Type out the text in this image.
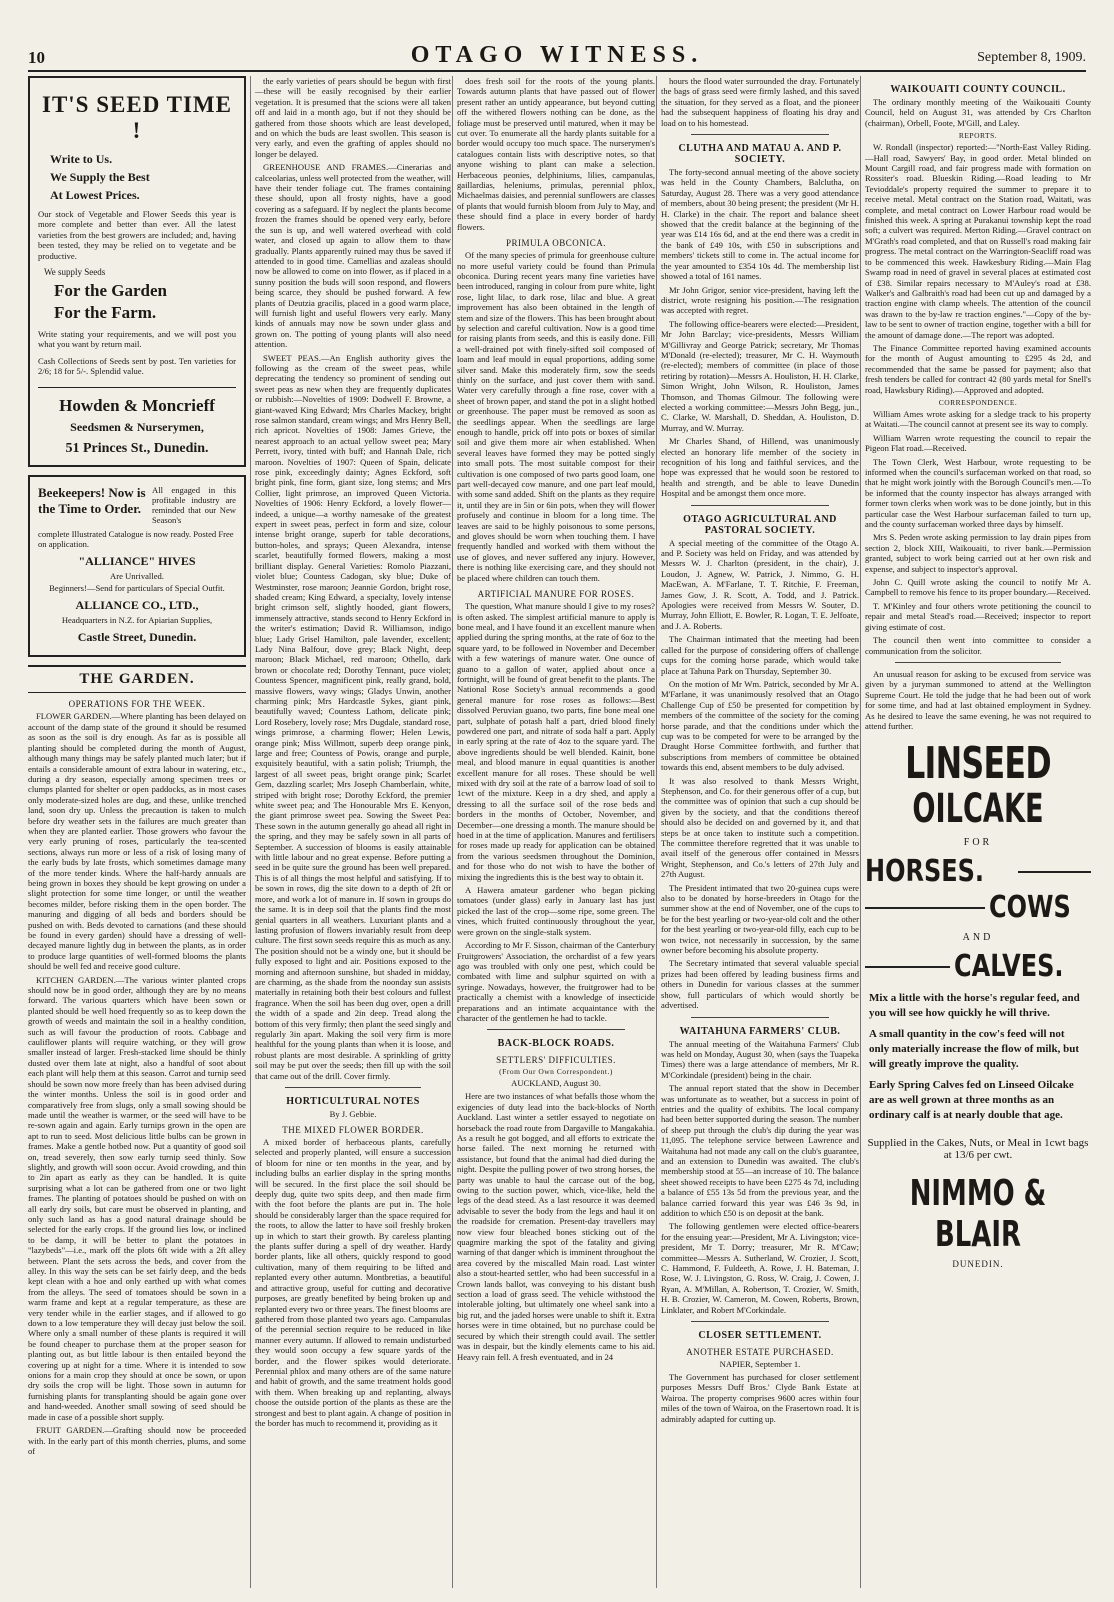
10	OTAGO WITNESS.	September 8, 1909.
IT'S SEED TIME !
Write to Us.
We Supply the Best
At Lowest Prices.
Our stock of Vegetable and Flower Seeds this year is more complete and better than ever. All the latest varieties from the best growers are included; and, having been tested, they may be relied on to vegetate and be productive.
We supply Seeds
For the Garden
For the Farm.
Write stating your requirements, and we will post you what you want by return mail.
Cash Collections of Seeds sent by post. Ten varieties for 2/6; 18 for 5/-. Splendid value.
Howden & Moncrieff
Seedsmen & Nurserymen,
51 Princes St., Dunedin.
Beekeepers! Now is the Time to Order.
All engaged in this profitable industry are reminded that our New Season's
complete Illustrated Catalogue is now ready. Posted Free on application.
"ALLIANCE" HIVES
Are Unrivalled.
Beginners!—Send for particulars of Special Outfit.
ALLIANCE CO., LTD.,
Headquarters in N.Z. for Apiarian Supplies,
Castle Street, Dunedin.
THE GARDEN.
OPERATIONS FOR THE WEEK.

FLOWER GARDEN.—Where planting has been delayed on account of the damp state of the ground it should be resumed as soon as the soil is dry enough. As far as is possible all planting should be completed during the month of August, although many things may be safely planted much later; but if entails a considerable amount of extra labour in watering, etc., during a dry season, especially among specimen trees or clumps planted for shelter or open paddocks, as in most cases only moderate-sized holes are dug, and these, unlike trenched land, soon dry up. Unless the precaution is taken to mulch before dry weather sets in the failures are much greater than when they are planted earlier. Those growers who favour the very early pruning of roses, particularly the tea-scented sections, always run more or less of a risk of losing many of the early buds by late frosts, which sometimes damage many of the more tender kinds. Where the half-hardy annuals are being grown in boxes they should be kept growing on under a slight protection for some time longer, or until the weather becomes milder, before risking them in the open border. The manuring and digging of all beds and borders should be pushed on with. Beds devoted to carnations (and these should be found in every garden) should have a dressing of well-decayed manure lightly dug in between the plants, as in order to produce large quantities of well-formed blooms the plants should be well fed and receive good culture.

KITCHEN GARDEN.—The various winter planted crops should now be in good order, although they are by no means forward. The various quarters which have been sown or planted should be well hoed frequently so as to keep down the growth of weeds and maintain the soil in a healthy condition, such as will favour the production of roots. Cabbage and cauliflower plants will require watching, or they will grow smaller instead of larger. Fresh-stacked lime should be thinly dusted over them late at night, also a handful of soot about each plant will help them at this season. Carrot and turnip seed should be sown now more freely than has been advised during the winter months. Unless the soil is in good order and comparatively free from slugs, only a small sowing should be made until the weather is warmer, or the seed will have to be re-sown again and again. Early turnips grown in the open are apt to run to seed. Most delicious little bulbs can be grown in frames. Make a gentle hotbed now. Put a quantity of good soil on, tread severely, then sow early turnip seed thinly. Sow slightly, and growth will soon occur. Avoid crowding, and thin to 2in apart as early as they can be handled. It is quite surprising what a lot can be gathered from one or two light frames. The planting of potatoes should be pushed on with on all early dry soils, but care must be observed in planting, and only such land as has a good natural drainage should be selected for the early crops. If the ground lies low, or inclined to be damp, it will be better to plant the potatoes in "lazybeds"—i.e., mark off the plots 6ft wide with a 2ft alley between. Plant the sets across the beds, and cover from the alley. In this way the sets can be set fairly deep, and the beds kept clean with a hoe and only earthed up with what comes from the alleys. The seed of tomatoes should be sown in a warm frame and kept at a regular temperature, as these are very tender while in the earlier stages, and if allowed to go down to a low temperature they will decay just below the soil. Where only a small number of these plants is required it will be found cheaper to purchase them at the proper season for planting out, as but little labour is then entailed beyond the covering up at night for a time. Where it is intended to sow onions for a main crop they should at once be sown, or upon dry soils the crop will be light. Those sown in autumn for furnishing plants for transplanting should be again gone over and hand-weeded. Another small sowing of seed should be made in case of a possible short supply.

FRUIT GARDEN.—Grafting should now be proceeded with. In the early part of this month cherries, plums, and some of

the early varieties of pears should be begun with first—these will be easily recognised by their earlier vegetation. It is presumed that the scions were all taken off and laid in a month ago, but if not they should be gathered from those shoots which are least developed, and on which the buds are least swollen. This season is very early, and even the grafting of apples should no longer be delayed.

GREENHOUSE AND FRAMES.—Cinerarias and calceolarias, unless well protected from the weather, will have their tender foliage cut. The frames containing these should, upon all frosty nights, have a good covering as a safeguard. If by neglect the plants become frozen the frames should be opened very early, before the sun is up, and well watered overhead with cold water, and closed up again to allow them to thaw gradually. Plants apparently ruined may thus be saved if attended to in good time. Camellias and azaleas should now be allowed to come on into flower, as if placed in a sunny position the buds will soon respond, and flowers being scarce, they should be pushed forward. A few plants of Deutzia gracilis, placed in a good warm place, will furnish light and useful flowers very early. Many kinds of annuals may now be sown under glass and grown on. The potting of young plants will also need attention.

SWEET PEAS.—An English authority gives the following as the cream of the sweet peas, while deprecating the tendency so prominent of sending out sweet peas as new when they are frequently duplicates or rubbish:—Novelties of 1909: Dodwell F. Browne, a giant-waved King Edward; Mrs Charles Mackey, bright rose salmon standard, cream wings; and Mrs Henry Bell, rich apricot. Novelties of 1908: James Grieve, the nearest approach to an actual yellow sweet pea; Mary Perrett, ivory, tinted with buff; and Hannah Dale, rich maroon. Novelties of 1907: Queen of Spain, delicate rose pink, exceedingly dainty; Agnes Eckford, soft bright pink, fine form, giant size, long stems; and Mrs Collier, light primrose, an improved Queen Victoria. Novelties of 1906: Henry Eckford, a lovely flower—indeed, a unique—a worthy namesake of the greatest expert in sweet peas, perfect in form and size, colour intense bright orange, superb for table decorations, button-holes, and sprays; Queen Alexandra, intense scarlet, beautifully formed flowers, making a most brilliant display. General Varieties: Romolo Piazzani, violet blue; Countess Cadogan, sky blue; Duke of Westminster, rose maroon; Jeannie Gordon, bright rose, shaded cream; King Edward, a specialty, lovely intense bright crimson self, slightly hooded, giant flowers, immensely attractive, stands second to Henry Eckford in the writer's estimation; David R. Williamson, indigo blue; Lady Grisel Hamilton, pale lavender, excellent; Lady Nina Balfour, dove grey; Black Night, deep maroon; Black Michael, red maroon; Othello, dark brown or chocolate red; Dorothy Tennant, puce violet; Countess Spencer, magnificent pink, really grand, bold, massive flowers, wavy wings; Gladys Unwin, another charming pink; Mrs Hardcastle Sykes, giant pink, beautifully waved; Countess Lathom, delicate pink; Lord Rosebery, lovely rose; Mrs Dugdale, standard rose, wings primrose, a charming flower; Helen Lewis, orange pink; Miss Willmott, superb deep orange pink, large and free; Countess of Powis, orange and purple, exquisitely beautiful, with a satin polish; Triumph, the largest of all sweet peas, bright orange pink; Scarlet Gem, dazzling scarlet; Mrs Joseph Chamberlain, white, striped with bright rose; Dorothy Eckford, the premier white sweet pea; and The Honourable Mrs E. Kenyon, the giant primrose sweet pea. Sowing the Sweet Pea: These sown in the autumn generally go ahead all right in the spring, and they may be safely sown in all parts of September. A succession of blooms is easily attainable with little labour and no great expense. Before putting a seed in be quite sure the ground has been well prepared. This is of all things the most helpful and satisfying. If to be sown in rows, dig the site down to a depth of 2ft or more, and work a lot of manure in. If sown in groups do the same. It is in deep soil that the plants find the most genial quarters in all weathers. Luxuriant plants and a lasting profusion of flowers invariably result from deep culture. The first sown seeds require this as much as any. The position should not be a windy one, but it should be fully exposed to light and air. Positions exposed to the morning and afternoon sunshine, but shaded in midday, are charming, as the shade from the noonday sun assists materially in retaining both their best colours and fullest fragrance. When the soil has been dug over, open a drill the width of a spade and 2in deep. Tread along the bottom of this very firmly; then plant the seed singly and regularly 3in apart. Making the soil very firm is more healthful for the young plants than when it is loose, and robust plants are most desirable. A sprinkling of gritty soil may be put over the seeds; then fill up with the soil that came out of the drill. Cover firmly.

HORTICULTURAL NOTES
By J. Gebbie.
THE MIXED FLOWER BORDER.

A mixed border of herbaceous plants, carefully selected and properly planted, will ensure a succession of bloom for nine or ten months in the year, and by including bulbs an earlier display in the spring months will be secured. In the first place the soil should be deeply dug, quite two spits deep, and then made firm with the foot before the plants are put in. The hole should be considerably larger than the space required for the roots, to allow the latter to have soil freshly broken up in which to start their growth. By careless planting the plants suffer during a spell of dry weather. Hardy border plants, like all others, quickly respond to good cultivation, many of them requiring to be lifted and replanted every other autumn. Montbretias, a beautiful and attractive group, useful for cutting and decorative purposes, are greatly benefited by being broken up and replanted every two or three years. The finest blooms are gathered from those planted two years ago. Campanulas of the perennial section require to be reduced in like manner every autumn. If allowed to remain undisturbed they would soon occupy a few square yards of the border, and the flower spikes would deteriorate. Perennial phlox and many others are of the same nature and habit of growth, and the same treatment holds good with them. When breaking up and replanting, always choose the outside portion of the plants as these are the strongest and best to plant again. A change of position in the border has much to recommend it, providing as it

does fresh soil for the roots of the young plants. Towards autumn plants that have passed out of flower present rather an untidy appearance, but beyond cutting off the withered flowers nothing can be done, as the foliage must be preserved until matured, when it may be cut over. To enumerate all the hardy plants suitable for a border would occupy too much space. The nurserymen's catalogues contain lists with descriptive notes, so that anyone wishing to plant can make a selection. Herbaceous peonies, delphiniums, lilies, campanulas, gaillardias, heleniums, primulas, perennial phlox, Michaelmas daisies, and perennial sunflowers are classes of plants that would furnish bloom from July to May, and these should find a place in every border of hardy flowers.

PRIMULA OBCONICA.

Of the many species of primula for greenhouse culture no more useful variety could be found than Primula obconica. During recent years many fine varieties have been introduced, ranging in colour from pure white, light rose, light lilac, to dark rose, lilac and blue. A great improvement has also been obtained in the length of stem and size of the flowers. This has been brought about by selection and careful cultivation. Now is a good time for raising plants from seeds, and this is easily done. Fill a well-drained pot with finely-sifted soil composed of loam and leaf mould in equal proportions, adding some silver sand. Make this moderately firm, sow the seeds thinly on the surface, and just cover them with sand. Water very carefully through a fine rose, cover with a sheet of brown paper, and stand the pot in a slight hotbed or greenhouse. The paper must be removed as soon as the seedlings appear. When the seedlings are large enough to handle, prick off into pots or boxes of similar soil and give them more air when established. When several leaves have formed they may be potted singly into small pots. The most suitable compost for their cultivation is one composed of two parts good loam, one part well-decayed cow manure, and one part leaf mould, with some sand added. Shift on the plants as they require it, until they are in 5in or 6in pots, when they will flower profusely and continue in bloom for a long time. The leaves are said to be highly poisonous to some persons, and gloves should be worn when touching them. I have frequently handled and worked with them without the use of gloves, and never suffered any injury. However, there is nothing like exercising care, and they should not be placed where children can touch them.

ARTIFICIAL MANURE FOR ROSES.

The question, What manure should I give to my roses? is often asked. The simplest artificial manure to apply is bone meal, and I have found it an excellent manure when applied during the spring months, at the rate of 6oz to the square yard, to be followed in November and December with a few waterings of manure water. One ounce of guano to a gallon of water, applied about once a fortnight, will be found of great benefit to the plants. The National Rose Society's annual recommends a good general manure for rose roses as follows:—Best dissolved Peruvian guano, two parts, fine bone meal one part, sulphate of potash half a part, dried blood finely powdered one part, and nitrate of soda half a part. Apply in early spring at the rate of 4oz to the square yard. The above ingredients should be well blended. Kainit, bone meal, and blood manure in equal quantities is another excellent manure for all roses. These should be well mixed with dry soil at the rate of a barrow load of soil to 1cwt of the mixture. Keep in a dry shed, and apply a dressing to all the surface soil of the rose beds and borders in the months of October, November, and December—one dressing a month. The manure should be hoed in at the time of application. Manures and fertilisers for roses made up ready for application can be obtained from the various seedsmen throughout the Dominion, and for those who do not wish to have the bother of mixing the ingredients this is the best way to obtain it.

A Hawera amateur gardener who began picking tomatoes (under glass) early in January last has just picked the last of the crop—some ripe, some green. The vines, which fruited continuously throughout the year, were grown on the single-stalk system.

According to Mr F. Sisson, chairman of the Canterbury Fruitgrowers' Association, the orchardist of a few years ago was troubled with only one pest, which could be combated with lime and sulphur squirted on with a syringe. Nowadays, however, the fruitgrower had to be practically a chemist with a knowledge of insecticide preparations and an intimate acquaintance with the character of the gentlemen he had to tackle.

BACK-BLOCK ROADS.
SETTLERS' DIFFICULTIES.
(From Our Own Correspondent.)
AUCKLAND, August 30.

Here are two instances of what befalls those whom the exigencies of duty lead into the back-blocks of North Auckland. Last winter a settler essayed to negotiate on horseback the road route from Dargaville to Mangakahia. As a result he got bogged, and all efforts to extricate the horse failed. The next morning he returned with assistance, but found that the animal had died during the night. Despite the pulling power of two strong horses, the party was unable to haul the carcase out of the bog, owing to the suction power, which, vice-like, held the legs of the dead steed. As a last resource it was deemed advisable to sever the body from the legs and haul it on the roadside for cremation. Present-day travellers may now view four bleached bones sticking out of the quagmire marking the spot of the fatality and giving warning of that danger which is imminent throughout the area covered by the miscalled Main road. Last winter also a stout-hearted settler, who had been successful in a Crown lands ballot, was conveying to his distant bush section a load of grass seed. The vehicle withstood the intolerable jolting, but ultimately one wheel sank into a big rut, and the jaded horses were unable to shift it. Extra horses were in time obtained, but no purchase could be secured by which their strength could avail. The settler was in despair, but the kindly elements came to his aid. Heavy rain fell. A fresh eventuated, and in 24

hours the flood water surrounded the dray. Fortunately the bags of grass seed were firmly lashed, and this saved the situation, for they served as a float, and the pioneer had the subsequent happiness of floating his dray and load on to his homestead.

CLUTHA AND MATAU A. AND P. SOCIETY.

The forty-second annual meeting of the above society was held in the County Chambers, Balclutha, on Saturday, August 28. There was a very good attendance of members, about 30 being present; the president (Mr H. H. Clarke) in the chair. The report and balance sheet showed that the credit balance at the beginning of the year was £14 16s 6d, and at the end there was a credit in the bank of £49 10s, with £50 in subscriptions and members' tickets still to come in. The actual income for the year amounted to £354 10s 4d. The membership list showed a total of 161 names.

Mr John Grigor, senior vice-president, having left the district, wrote resigning his position.—The resignation was accepted with regret.

The following office-bearers were elected:—President, Mr John Barclay; vice-presidents, Messrs William M'Gillivray and George Patrick; secretary, Mr Thomas M'Donald (re-elected); treasurer, Mr C. H. Waymouth (re-elected); members of committee (in place of those retiring by rotation)—Messrs A. Houliston, H. H. Clarke, Simon Wright, John Wilson, R. Houliston, James Thomson, and Thomas Gilmour. The following were elected a working committee:—Messrs John Begg, jun., C. Clarke, W. Marshall, D. Sheddan, A. Houliston, D. Murray, and W. Murray.

Mr Charles Shand, of Hillend, was unanimously elected an honorary life member of the society in recognition of his long and faithful services, and the hope was expressed that he would soon be restored to health and strength, and be able to leave Dunedin Hospital and be amongst them once more.

OTAGO AGRICULTURAL AND PASTORAL SOCIETY.

A special meeting of the committee of the Otago A. and P. Society was held on Friday, and was attended by Messrs W. J. Charlton (president, in the chair), J. Loudon, J. Agnew, W. Patrick, J. Nimmo, G. H. MacEwan, A. M'Farlane, T. T. Ritchie, F. Freeman, James Gow, J. R. Scott, A. Todd, and J. Patrick. Apologies were received from Messrs W. Souter, D. Murray, John Elliott, E. Bowler, R. Logan, T. E. Jelfoate, and J. A. Roberts.

The Chairman intimated that the meeting had been called for the purpose of considering offers of challenge cups for the coming horse parade, which would take place at Tahuna Park on Thursday, September 30.

On the motion of Mr Wm. Patrick, seconded by Mr A. M'Farlane, it was unanimously resolved that an Otago Challenge Cup of £50 be presented for competition by members of the committee of the society for the coming horse parade, and that the conditions under which the cup was to be competed for were to be arranged by the Draught Horse Committee forthwith, and further that subscriptions from members of committee be obtained towards this end, absent members to be duly advised.

It was also resolved to thank Messrs Wright, Stephenson, and Co. for their generous offer of a cup, but the committee was of opinion that such a cup should be given by the society, and that the conditions thereof should also be decided on and governed by it, and that steps be at once taken to institute such a competition. The committee therefore regretted that it was unable to avail itself of the generous offer contained in Messrs Wright, Stephenson, and Co.'s letters of 27th July and 27th August.

The President intimated that two 20-guinea cups were also to be donated by horse-breeders in Otago for the summer show at the end of November, one of the cups to be for the best yearling or two-year-old colt and the other for the best yearling or two-year-old filly, each cup to be won twice, not necessarily in succession, by the same owner before becoming his absolute property.

The Secretary intimated that several valuable special prizes had been offered by leading business firms and others in Dunedin for various classes at the summer show, full particulars of which would shortly be advertised.

WAITAHUNA FARMERS' CLUB.

The annual meeting of the Waitahuna Farmers' Club was held on Monday, August 30, when (says the Tuapeka Times) there was a large attendance of members, Mr R. M'Corkindale (president) being in the chair.

The annual report stated that the show in December was unfortunate as to weather, but a success in point of entries and the quality of exhibits. The local company had been better supported during the season. The number of sheep put through the club's dip during the year was 11,095. The telephone service between Lawrence and Waitahuna had not made any call on the club's guarantee, and an extension to Dunedin was awaited. The club's membership stood at 55—an increase of 10. The balance sheet showed receipts to have been £275 4s 7d, including a balance of £55 13s 5d from the previous year, and the balance carried forward this year was £46 3s 9d, in addition to which £50 is on deposit at the bank.

The following gentlemen were elected office-bearers for the ensuing year:—President, Mr A. Livingston; vice-president, Mr T. Dorry; treasurer, Mr R. M'Caw; committee—Messrs A. Sutherland, W. Crozier, J. Scott, C. Hammond, F. Fuldeeth, A. Rowe, J. H. Bateman, J. Rose, W. J. Livingston, G. Ross, W. Craig, J. Cowen, J. Ryan, A. M'Millan, A. Robertson, T. Crozier, W. Smith, H. B. Crozier, W. Cameron, M. Cowen, Roberts, Brown, Linklater, and Robert M'Corkindale.

CLOSER SETTLEMENT.
ANOTHER ESTATE PURCHASED.
NAPIER, September 1.

The Government has purchased for closer settlement purposes Messrs Duff Bros.' Clyde Bank Estate at Wairoa. The property comprises 9600 acres within four miles of the town of Wairoa, on the Frasertown road. It is admirably adapted for cutting up.

WAIKOUAITI COUNTY COUNCIL.

The ordinary monthly meeting of the Waikouaiti County Council, held on August 31, was attended by Crs Charlton (chairman), Orbell, Foote, M'Gill, and Laley.

REPORTS.

W. Rondall (inspector) reported:—"North-East Valley Riding.—Hall road, Sawyers' Bay, in good order. Metal blinded on Mount Cargill road, and fair progress made with formation on Rossiter's road. Blueskin Riding.—Road leading to Mr Tevioddale's property required the summer to prepare it to receive metal. Metal contract on the Station road, Waitati, was complete, and metal contract on Lower Harbour road would be finished this week. A spring at Purakanui township kept the road soft; a culvert was required. Merton Riding.—Gravel contract on M'Grath's road completed, and that on Russell's road making fair progress. The metal contract on the Warrington-Seacliff road was to be commenced this week. Hawkesbury Riding.—Main Flag Swamp road in need of gravel in several places at estimated cost of £38. Similar repairs necessary to M'Auley's road at £38. Walker's and Galbraith's road had been cut up and damaged by a traction engine with clamp wheels. The attention of the council was drawn to the by-law re traction engines."—Copy of the by-law to be sent to owner of traction engine, together with a bill for the amount of damage done.—The report was adopted.

The Finance Committee reported having examined accounts for the month of August amounting to £295 4s 2d, and recommended that the same be passed for payment; also that fresh tenders be called for contract 42 (80 yards metal for Snell's road, Hawksbury Riding).—Approved and adopted.

CORRESPONDENCE.

William Ames wrote asking for a sledge track to his property at Waitati.—The council cannot at present see its way to comply.

William Warren wrote requesting the council to repair the Pigeon Flat road.—Received.

The Town Clerk, West Harbour, wrote requesting to be informed when the council's surfaceman worked on that road, so that he might work jointly with the Borough Council's men.—To be informed that the county inspector has always arranged with former town clerks when work was to be done jointly, but in this particular case the West Harbour surfaceman failed to turn up, and the county surfaceman worked three days by himself.

Mrs S. Peden wrote asking permission to lay drain pipes from section 2, block XIII, Waikouaiti, to river bank.—Permission granted, subject to work being carried out at her own risk and expense, and subject to inspector's approval.

John C. Quill wrote asking the council to notify Mr A. Campbell to remove his fence to its proper boundary.—Received.

T. M'Kinley and four others wrote petitioning the council to repair and metal Stead's road.—Received; inspector to report giving estimate of cost.

The council then went into committee to consider a communication from the solicitor.

An unusual reason for asking to be excused from service was given by a juryman summoned to attend at the Wellington Supreme Court. He told the judge that he had been out of work for some time, and had at last obtained employment in Sydney. As he desired to leave the same evening, he was not required to attend further.

LINSEED
OILCAKE
FOR
HORSES.
COWS
AND
CALVES.
Mix a little with the horse's regular feed, and you will see how quickly he will thrive.
A small quantity in the cow's feed will not only materially increase the flow of milk, but will greatly improve the quality.
Early Spring Calves fed on Linseed Oilcake are as well grown at three months as an ordinary calf is at nearly double that age.
Supplied in the Cakes, Nuts, or Meal in 1cwt bags at 13/6 per cwt.
NIMMO & BLAIR
DUNEDIN.
